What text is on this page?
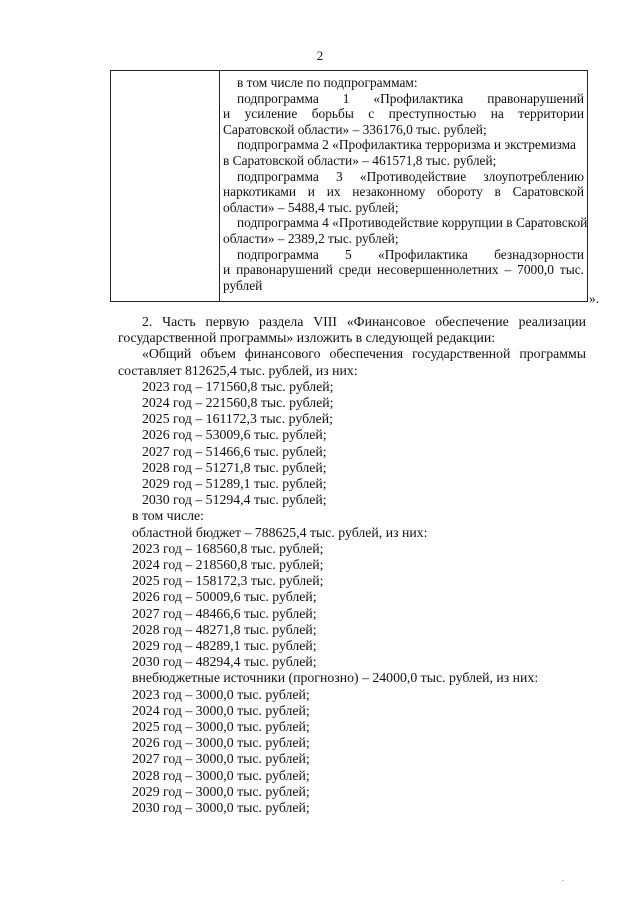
2
в том числе по подпрограммам:
подпрограмма 1 «Профилактика правонарушений
и усиление борьбы с преступностью на территории
Саратовской области» – 336176,0 тыс. рублей;
подпрограмма 2 «Профилактика терроризма и экстремизма
в Саратовской области» – 461571,8 тыс. рублей;
подпрограмма 3 «Противодействие злоупотреблению
наркотиками и их незаконному обороту в Саратовской
области» – 5488,4 тыс. рублей;
подпрограмма 4 «Противодействие коррупции в Саратовской
области» – 2389,2 тыс. рублей;
подпрограмма 5 «Профилактика безнадзорности
и правонарушений среди несовершеннолетних – 7000,0 тыс.
рублей
».
2. Часть первую раздела VIII «Финансовое обеспечение реализации
государственной программы» изложить в следующей редакции:
«Общий объем финансового обеспечения государственной программы
составляет 812625,4 тыс. рублей, из них:
2023 год – 171560,8 тыс. рублей;
2024 год – 221560,8 тыс. рублей;
2025 год – 161172,3 тыс. рублей;
2026 год – 53009,6 тыс. рублей;
2027 год – 51466,6 тыс. рублей;
2028 год – 51271,8 тыс. рублей;
2029 год – 51289,1 тыс. рублей;
2030 год – 51294,4 тыс. рублей;
в том числе:
областной бюджет – 788625,4 тыс. рублей, из них:
2023 год – 168560,8 тыс. рублей;
2024 год – 218560,8 тыс. рублей;
2025 год – 158172,3 тыс. рублей;
2026 год – 50009,6 тыс. рублей;
2027 год – 48466,6 тыс. рублей;
2028 год – 48271,8 тыс. рублей;
2029 год – 48289,1 тыс. рублей;
2030 год – 48294,4 тыс. рублей;
внебюджетные источники (прогнозно) – 24000,0 тыс. рублей, из них:
2023 год – 3000,0 тыс. рублей;
2024 год – 3000,0 тыс. рублей;
2025 год – 3000,0 тыс. рублей;
2026 год – 3000,0 тыс. рублей;
2027 год – 3000,0 тыс. рублей;
2028 год – 3000,0 тыс. рублей;
2029 год – 3000,0 тыс. рублей;
2030 год – 3000,0 тыс. рублей;
.
